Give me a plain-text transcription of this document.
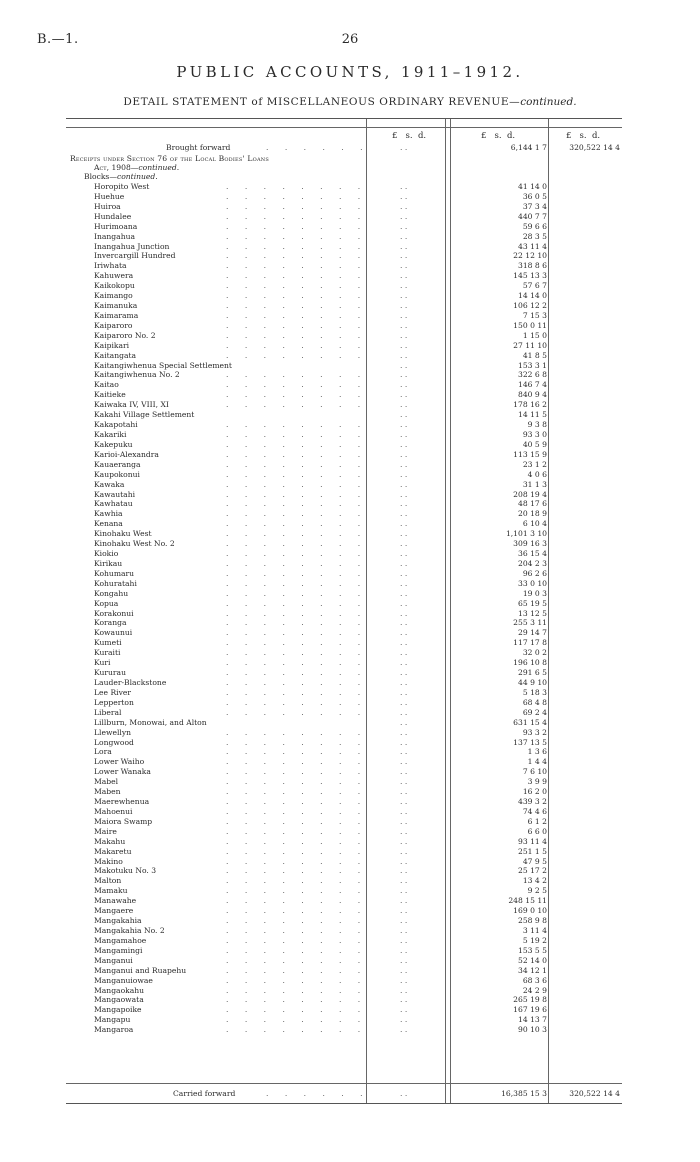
B.—1.	26
PUBLIC ACCOUNTS, 1911–1912.
DETAIL STATEMENT of MISCELLANEOUS ORDINARY REVENUE—continued.
£   s.  d.	£   s.  d.	£   s.  d.
Brought forward	. . . . . .	. .	6,144 1 7	320,522 14 4
Receipts under Section 76 of the Local Bodies' Loans
Act, 1908—continued.
Blocks—continued.
Horopito West	. . . . . . . .	. .	41 14 0
Huehue	. . . . . . . .	. .	36 0 5
Huiroa	. . . . . . . .	. .	37 3 4
Hundalee	. . . . . . . .	. .	440 7 7
Hurimoana	. . . . . . . .	. .	59 6 6
Inangahua	. . . . . . . .	. .	28 3 5
Inangahua Junction	. . . . . . . .	. .	43 11 4
Invercargill Hundred	. . . . . . . .	. .	22 12 10
Iriwhata	. . . . . . . .	. .	318 8 6
Kahuwera	. . . . . . . .	. .	145 13 3
Kaikokopu	. . . . . . . .	. .	57 6 7
Kaimango	. . . . . . . .	. .	14 14 0
Kaimanuka	. . . . . . . .	. .	106 12 2
Kaimarama	. . . . . . . .	. .	7 15 3
Kaiparoro	. . . . . . . .	. .	150 0 11
Kaiparoro No. 2	. . . . . . . .	. .	1 15 0
Kaipikari	. . . . . . . .	. .	27 11 10
Kaitangata	. . . . . . . .	. .	41 8 5
Kaitangiwhenua Special Settlement	. .	153 3 1
Kaitangiwhenua No. 2	. . . . . . . .	. .	322 6 8
Kaitao	. . . . . . . .	. .	146 7 4
Kaitieke	. . . . . . . .	. .	840 9 4
Kaiwaka IV, VIII, XI	. . . . . . . .	. .	178 16 2
Kakahi Village Settlement	. .	14 11 5
Kakapotahi	. . . . . . . .	. .	9 3 8
Kakariki	. . . . . . . .	. .	93 3 0
Kakepuku	. . . . . . . .	. .	40 5 9
Karioi-Alexandra	. . . . . . . .	. .	113 15 9
Kauaeranga	. . . . . . . .	. .	23 1 2
Kaupokonui	. . . . . . . .	. .	4 0 6
Kawaka	. . . . . . . .	. .	31 1 3
Kawautahi	. . . . . . . .	. .	208 19 4
Kawhatau	. . . . . . . .	. .	48 17 6
Kawhia	. . . . . . . .	. .	20 18 9
Kenana	. . . . . . . .	. .	6 10 4
Kinohaku West	. . . . . . . .	. .	1,101 3 10
Kinohaku West No. 2	. . . . . . . .	. .	309 16 3
Kiokio	. . . . . . . .	. .	36 15 4
Kirikau	. . . . . . . .	. .	204 2 3
Kohumaru	. . . . . . . .	. .	96 2 6
Kohuratahi	. . . . . . . .	. .	33 0 10
Kongahu	. . . . . . . .	. .	19 0 3
Kopua	. . . . . . . .	. .	65 19 5
Korakonui	. . . . . . . .	. .	13 12 5
Koranga	. . . . . . . .	. .	255 3 11
Kowaunui	. . . . . . . .	. .	29 14 7
Kumeti	. . . . . . . .	. .	117 17 8
Kuraiti	. . . . . . . .	. .	32 0 2
Kuri	. . . . . . . .	. .	196 10 8
Kururau	. . . . . . . .	. .	291 6 5
Lauder-Blackstone	. . . . . . . .	. .	44 9 10
Lee River	. . . . . . . .	. .	5 18 3
Lepperton	. . . . . . . .	. .	68 4 8
Liberal	. . . . . . . .	. .	69 2 4
Lillburn, Monowai, and Alton	. .	631 15 4
Llewellyn	. . . . . . . .	. .	93 3 2
Longwood	. . . . . . . .	. .	137 13 5
Lora	. . . . . . . .	. .	1 3 6
Lower Waiho	. . . . . . . .	. .	1 4 4
Lower Wanaka	. . . . . . . .	. .	7 6 10
Mabel	. . . . . . . .	. .	3 9 9
Maben	. . . . . . . .	. .	16 2 0
Maerewhenua	. . . . . . . .	. .	439 3 2
Mahoenui	. . . . . . . .	. .	74 4 6
Maiora Swamp	. . . . . . . .	. .	6 1 2
Maire	. . . . . . . .	. .	6 6 0
Makahu	. . . . . . . .	. .	93 11 4
Makaretu	. . . . . . . .	. .	251 1 5
Makino	. . . . . . . .	. .	47 9 5
Makotuku No. 3	. . . . . . . .	. .	25 17 2
Malton	. . . . . . . .	. .	13 4 2
Mamaku	. . . . . . . .	. .	9 2 5
Manawahe	. . . . . . . .	. .	248 15 11
Mangaere	. . . . . . . .	. .	169 0 10
Mangakahia	. . . . . . . .	. .	258 9 8
Mangakahia No. 2	. . . . . . . .	. .	3 11 4
Mangamahoe	. . . . . . . .	. .	5 19 2
Mangamingi	. . . . . . . .	. .	153 5 5
Manganui	. . . . . . . .	. .	52 14 0
Manganui and Ruapehu	. . . . . . . .	. .	34 12 1
Manganuiowae	. . . . . . . .	. .	68 3 6
Mangaokahu	. . . . . . . .	. .	24 2 9
Mangaowata	. . . . . . . .	. .	265 19 8
Mangapoike	. . . . . . . .	. .	167 19 6
Mangapu	. . . . . . . .	. .	14 13 7
Mangaroa	. . . . . . . .	. .	90 10 3
Carried forward	. . . . . .	. .	16,385 15 3	320,522 14 4
